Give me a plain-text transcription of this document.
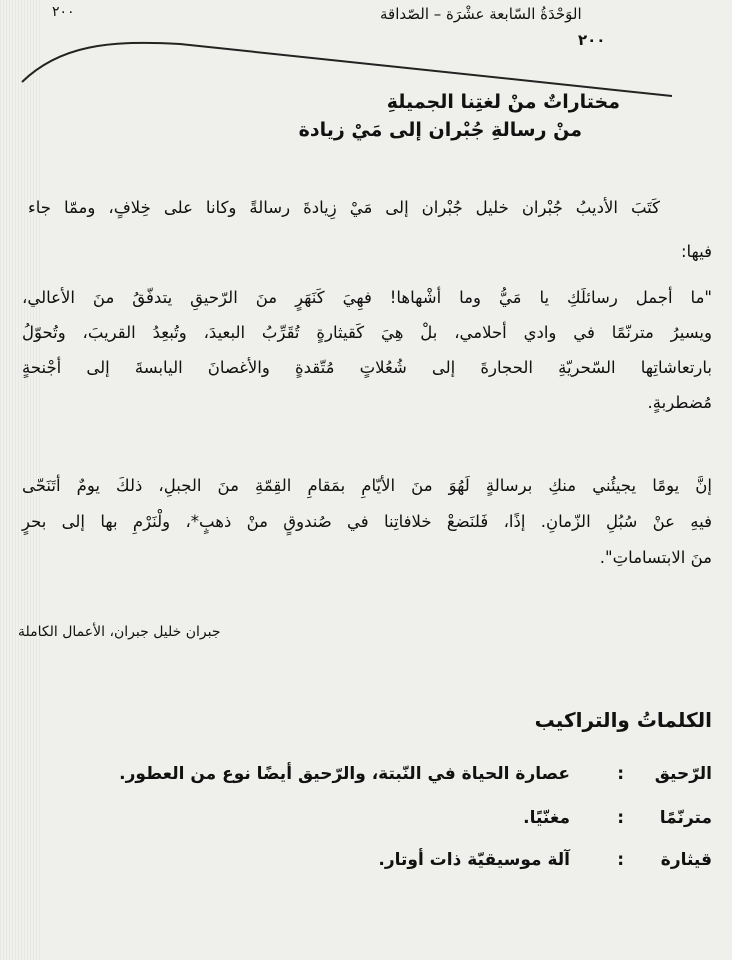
الوَحْدَةُ السّابعة عشْرَة – الصّداقة
٢٠٠
٢٠٠
مختاراتٌ منْ لغتِنا الجميلةِ
منْ رسالةِ جُبْران إلى مَيْ زيادة
كَتَبَ الأديبُ جُبْران خليل جُبْران إلى مَيْ زِيادةَ رسالةً وكانا على خِلافٍ، وممّا جاء
فيها:
"ما أجمل رسائلَكِ يا مَيُّ وما أشْهاها! فهِيَ كَنَهَرٍ منَ الرّحيقِ يتدفّقُ منَ الأعالي،
ويسيرُ مترنّمًا في وادي أحلامي، بلْ هِيَ كَقيثارةٍ تُقَرِّبُ البعيدَ، وتُبعِدُ القريبَ، وتُحوّلُ
بارتعاشاتِها السّحريّةِ الحجارةَ إلى شُعُلاتٍ مُتّقدةٍ والأغصانَ اليابسةَ إلى أجْنحةٍ
مُضطربةٍ.
إنَّ يومًا يجيئُني منكِ برسالةٍ لَهُوَ منَ الأيّامِ بمَقامِ القِمّةِ منَ الجبلِ، ذلكَ يومٌ أتَنَحّى
فيهِ عنْ سُبُلِ الزّمانِ. إذًا، فَلنَضعْ خلافاتِنا في صُندوقٍ منْ ذهبٍ*، ولْنَرْمِ بها إلى بحرٍ
منَ الابتساماتِ".
جبران خليل جبران، الأعمال الكاملة
الكلماتُ والتراكيب
الرّحيق
:
عصارة الحياة في النّبتة، والرّحيق أيضًا نوع من العطور.
مترنّمًا
:
مغنّيًا.
قيثارة
:
آلة موسيقيّة ذات أوتار.
